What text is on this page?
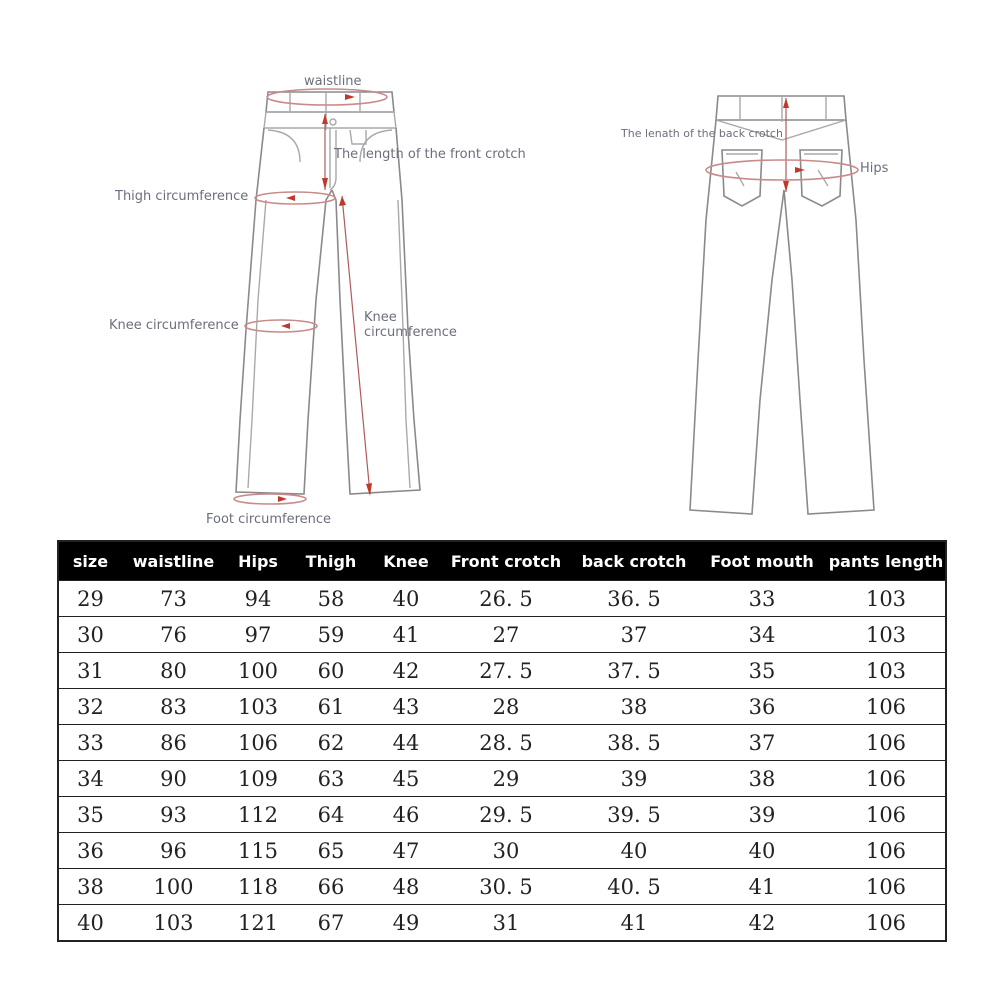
waistline
The length of the front crotch
Thigh circumference
Knee circumference
Knee
circumference
Foot circumference
The lenath of the back crotch
Hips
size	waistline	Hips	Thigh	Knee	Front crotch	back crotch	Foot mouth	pants length
29	73	94	58	40	26. 5	36. 5	33	103
30	76	97	59	41	27	37	34	103
31	80	100	60	42	27. 5	37. 5	35	103
32	83	103	61	43	28	38	36	106
33	86	106	62	44	28. 5	38. 5	37	106
34	90	109	63	45	29	39	38	106
35	93	112	64	46	29. 5	39. 5	39	106
36	96	115	65	47	30	40	40	106
38	100	118	66	48	30. 5	40. 5	41	106
40	103	121	67	49	31	41	42	106
